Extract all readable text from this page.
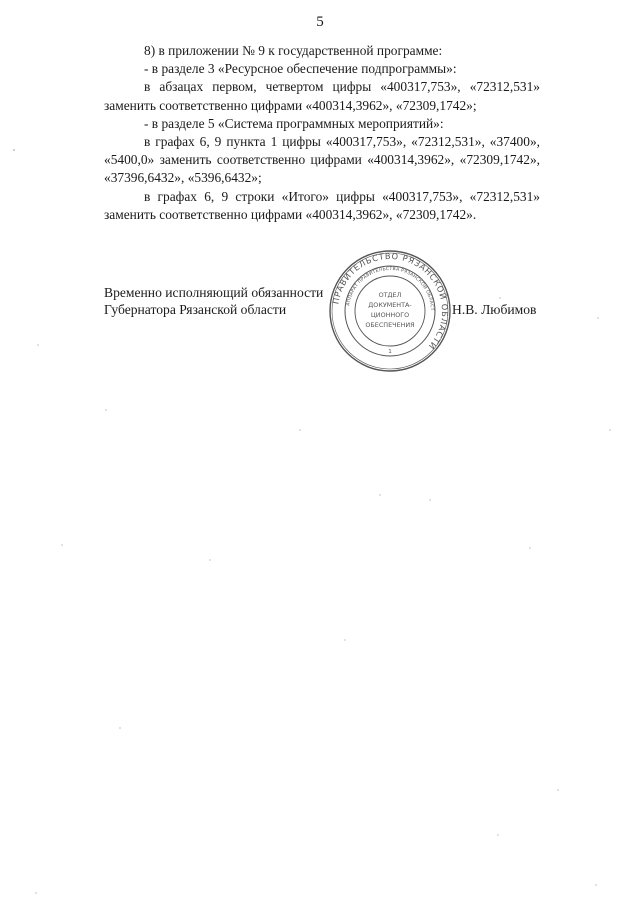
5

8) в приложении № 9 к государственной программе:

- в разделе 3 «Ресурсное обеспечение подпрограммы»:

в абзацах первом, четвертом цифры «400317,753», «72312,531» заменить соответственно цифрами «400314,3962», «72309,1742»;

- в разделе 5 «Система программных мероприятий»:

в графах 6, 9 пункта 1 цифры «400317,753», «72312,531», «37400», «5400,0» заменить соответственно цифрами «400314,3962», «72309,1742», «37396,6432», «5396,6432»;

в графах 6, 9 строки «Итого» цифры «400317,753», «72312,531» заменить соответственно цифрами «400314,3962», «72309,1742».

Временно исполняющий обязанности
Губернатора Рязанской области
ПРАВИТЕЛЬСТВО РЯЗАНСКОЙ ОБЛАСТИ
АППАРАТ ПРАВИТЕЛЬСТВА РЯЗАНСКОЙ ОБЛАСТ
ОТДЕЛ
ДОКУМЕНТА-
ЦИОННОГО
ОБЕСПЕЧЕНИЯ
1
Н.В. Любимов
